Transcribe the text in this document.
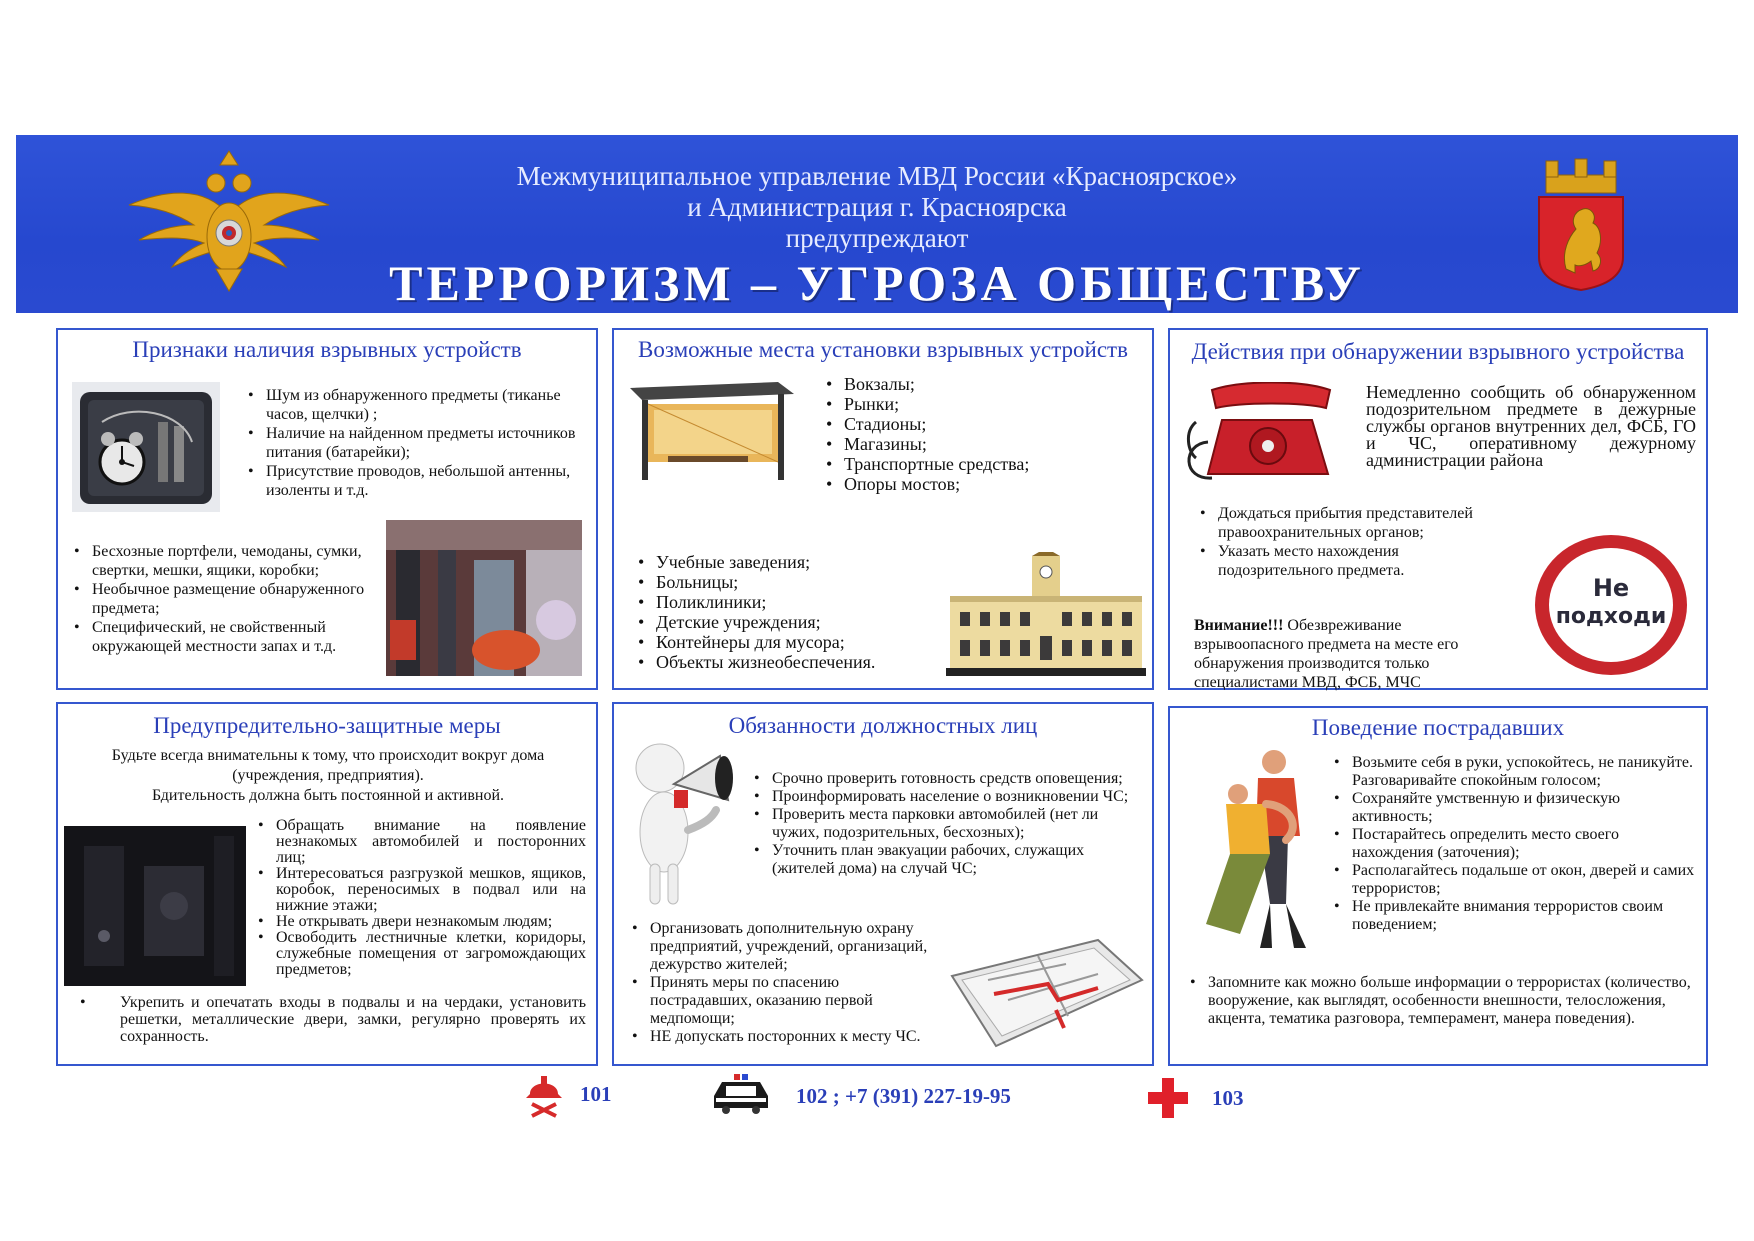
Межмуниципальное управление МВД России «Красноярское»
и Администрация г. Красноярска
предупреждают
ТЕРРОРИЗМ – УГРОЗА ОБЩЕСТВУ
Признаки наличия взрывных устройств
• Шум из обнаруженного предметы (тиканье часов, щелчки) ;
• Наличие на найденном предметы источников питания (батарейки);
• Присутствие проводов, небольшой антенны, изоленты и т.д.
• Бесхозные портфели, чемоданы, сумки, свертки, мешки, ящики, коробки;
• Необычное размещение обнаруженного предмета;
• Специфический, не свойственный окружающей местности запах и т.д.
Возможные места установки взрывных устройств
• Вокзалы;
• Рынки;
• Стадионы;
• Магазины;
• Транспортные средства;
• Опоры мостов;
• Учебные заведения;
• Больницы;
• Поликлиники;
• Детские учреждения;
• Контейнеры для мусора;
• Объекты жизнеобеспечения.
Действия при обнаружении взрывного устройства
Немедленно сообщить об обнаруженном подозрительном предмете в дежурные службы органов внутренних дел, ФСБ, ГО и ЧС, оперативному дежурному администрации района
• Дождаться прибытия представителей правоохранительных органов;
• Указать место нахождения подозрительного предмета.
Внимание!!! Обезвреживание взрывоопасного предмета на месте его обнаружения производится только специалистами МВД, ФСБ, МЧС
Не
подходи
Предупредительно-защитные меры
Будьте всегда внимательны к тому, что происходит вокруг дома (учреждения, предприятия).
Бдительность должна быть постоянной и активной.
• Обращать внимание на появление незнакомых автомобилей и посторонних лиц;
• Интересоваться разгрузкой мешков, ящиков, коробок, переносимых в подвал или на нижние этажи;
• Не открывать двери незнакомым людям;
• Освободить лестничные клетки, коридоры, служебные помещения от загромождающих предметов;
• Укрепить и опечатать входы в подвалы и на чердаки, установить решетки, металлические двери, замки, регулярно проверять их сохранность.
Обязанности должностных лиц
• Срочно проверить готовность средств оповещения;
• Проинформировать население о возникновении ЧС;
• Проверить места парковки автомобилей (нет ли чужих, подозрительных, бесхозных);
• Уточнить план эвакуации рабочих, служащих (жителей дома) на случай ЧС;
• Организовать дополнительную охрану предприятий, учреждений, организаций, дежурство жителей;
• Принять меры по спасению пострадавших, оказанию первой медпомощи;
• НЕ допускать посторонних к месту ЧС.
Поведение пострадавших
• Возьмите себя в руки, успокойтесь, не паникуйте. Разговаривайте спокойным голосом;
• Сохраняйте умственную и физическую активность;
• Постарайтесь определить место своего нахождения (заточения);
• Располагайтесь подальше от окон, дверей и самих террористов;
• Не привлекайте внимания террористов своим поведением;
• Запомните как можно больше информации о террористах (количество, вооружение, как выглядят, особенности внешности, телосложения, акцента, тематика разговора, темперамент, манера поведения).
101	102 ; +7 (391) 227-19-95	103
